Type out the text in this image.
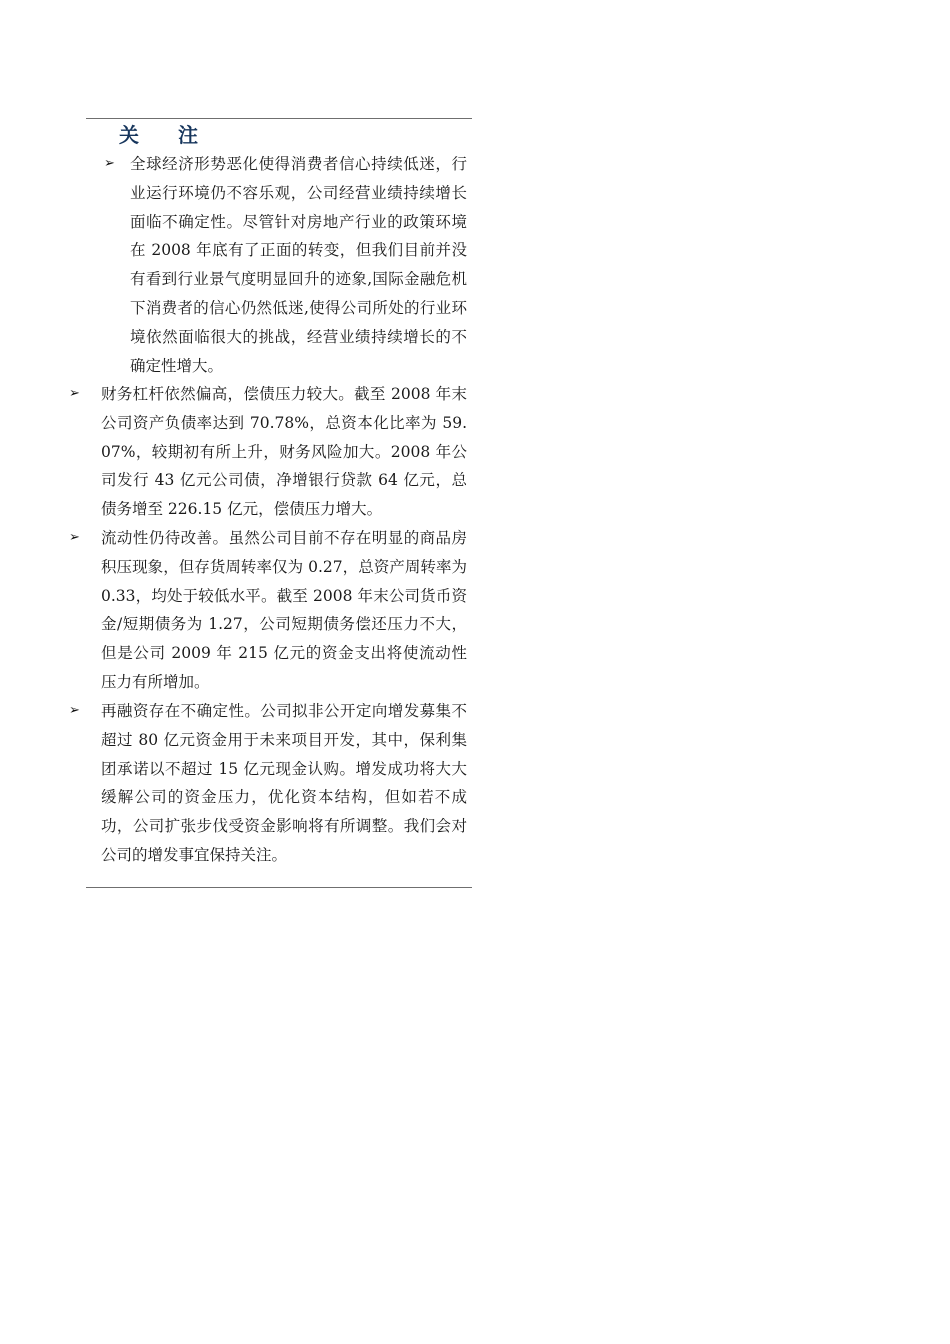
关 注
➢ 全球经济形势恶化使得消费者信心持续低迷，行业运行环境仍不容乐观，公司经营业绩持续增长面临不确定性。尽管针对房地产行业的政策环境在 2008 年底有了正面的转变，但我们目前并没有看到行业景气度明显回升的迹象,国际金融危机下消费者的信心仍然低迷,使得公司所处的行业环境依然面临很大的挑战，经营业绩持续增长的不确定性增大。
➢ 财务杠杆依然偏高，偿债压力较大。截至 2008 年末公司资产负债率达到 70.78%，总资本化比率为 59.07%，较期初有所上升，财务风险加大。2008 年公司发行 43 亿元公司债，净增银行贷款 64 亿元，总债务增至 226.15 亿元，偿债压力增大。
➢ 流动性仍待改善。虽然公司目前不存在明显的商品房积压现象，但存货周转率仅为 0.27，总资产周转率为 0.33，均处于较低水平。截至 2008 年末公司货币资金/短期债务为 1.27，公司短期债务偿还压力不大，但是公司 2009 年 215 亿元的资金支出将使流动性压力有所增加。
➢ 再融资存在不确定性。公司拟非公开定向增发募集不超过 80 亿元资金用于未来项目开发，其中，保利集团承诺以不超过 15 亿元现金认购。增发成功将大大缓解公司的资金压力，优化资本结构，但如若不成功，公司扩张步伐受资金影响将有所调整。我们会对公司的增发事宜保持关注。
